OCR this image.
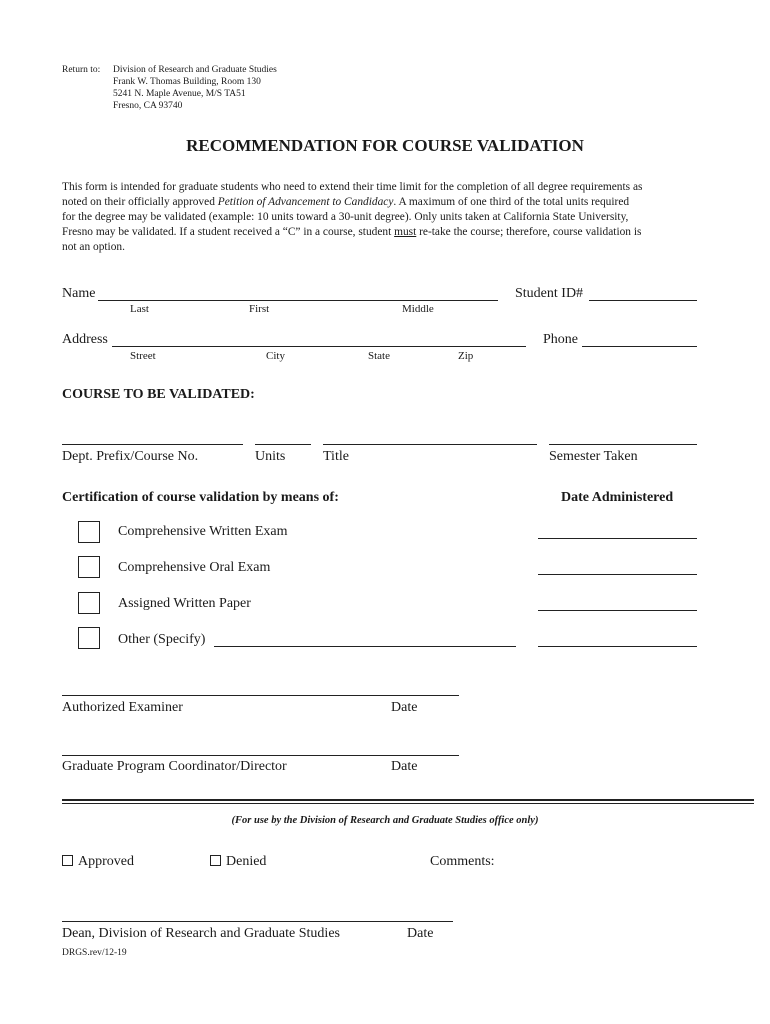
Return to: Division of Research and Graduate Studies
Frank W. Thomas Building, Room 130
5241 N. Maple Avenue, M/S TA51
Fresno, CA 93740
RECOMMENDATION FOR COURSE VALIDATION
This form is intended for graduate students who need to extend their time limit for the completion of all degree requirements as
noted on their officially approved Petition of Advancement to Candidacy. A maximum of one third of the total units required
for the degree may be validated (example: 10 units toward a 30-unit degree). Only units taken at California State University,
Fresno may be validated. If a student received a “C” in a course, student must re-take the course; therefore, course validation is
not an option.
Name
Last	First	Middle
Student ID#
Address
Street	City	State	Zip
Phone
COURSE TO BE VALIDATED:
Dept. Prefix/Course No.	Units	Title	Semester Taken
Certification of course validation by means of:	Date Administered
Comprehensive Written Exam
Comprehensive Oral Exam
Assigned Written Paper
Other (Specify)
Authorized Examiner	Date
Graduate Program Coordinator/Director	Date
(For use by the Division of Research and Graduate Studies office only)
Approved	Denied	Comments:
Dean, Division of Research and Graduate Studies	Date
DRGS.rev/12-19
